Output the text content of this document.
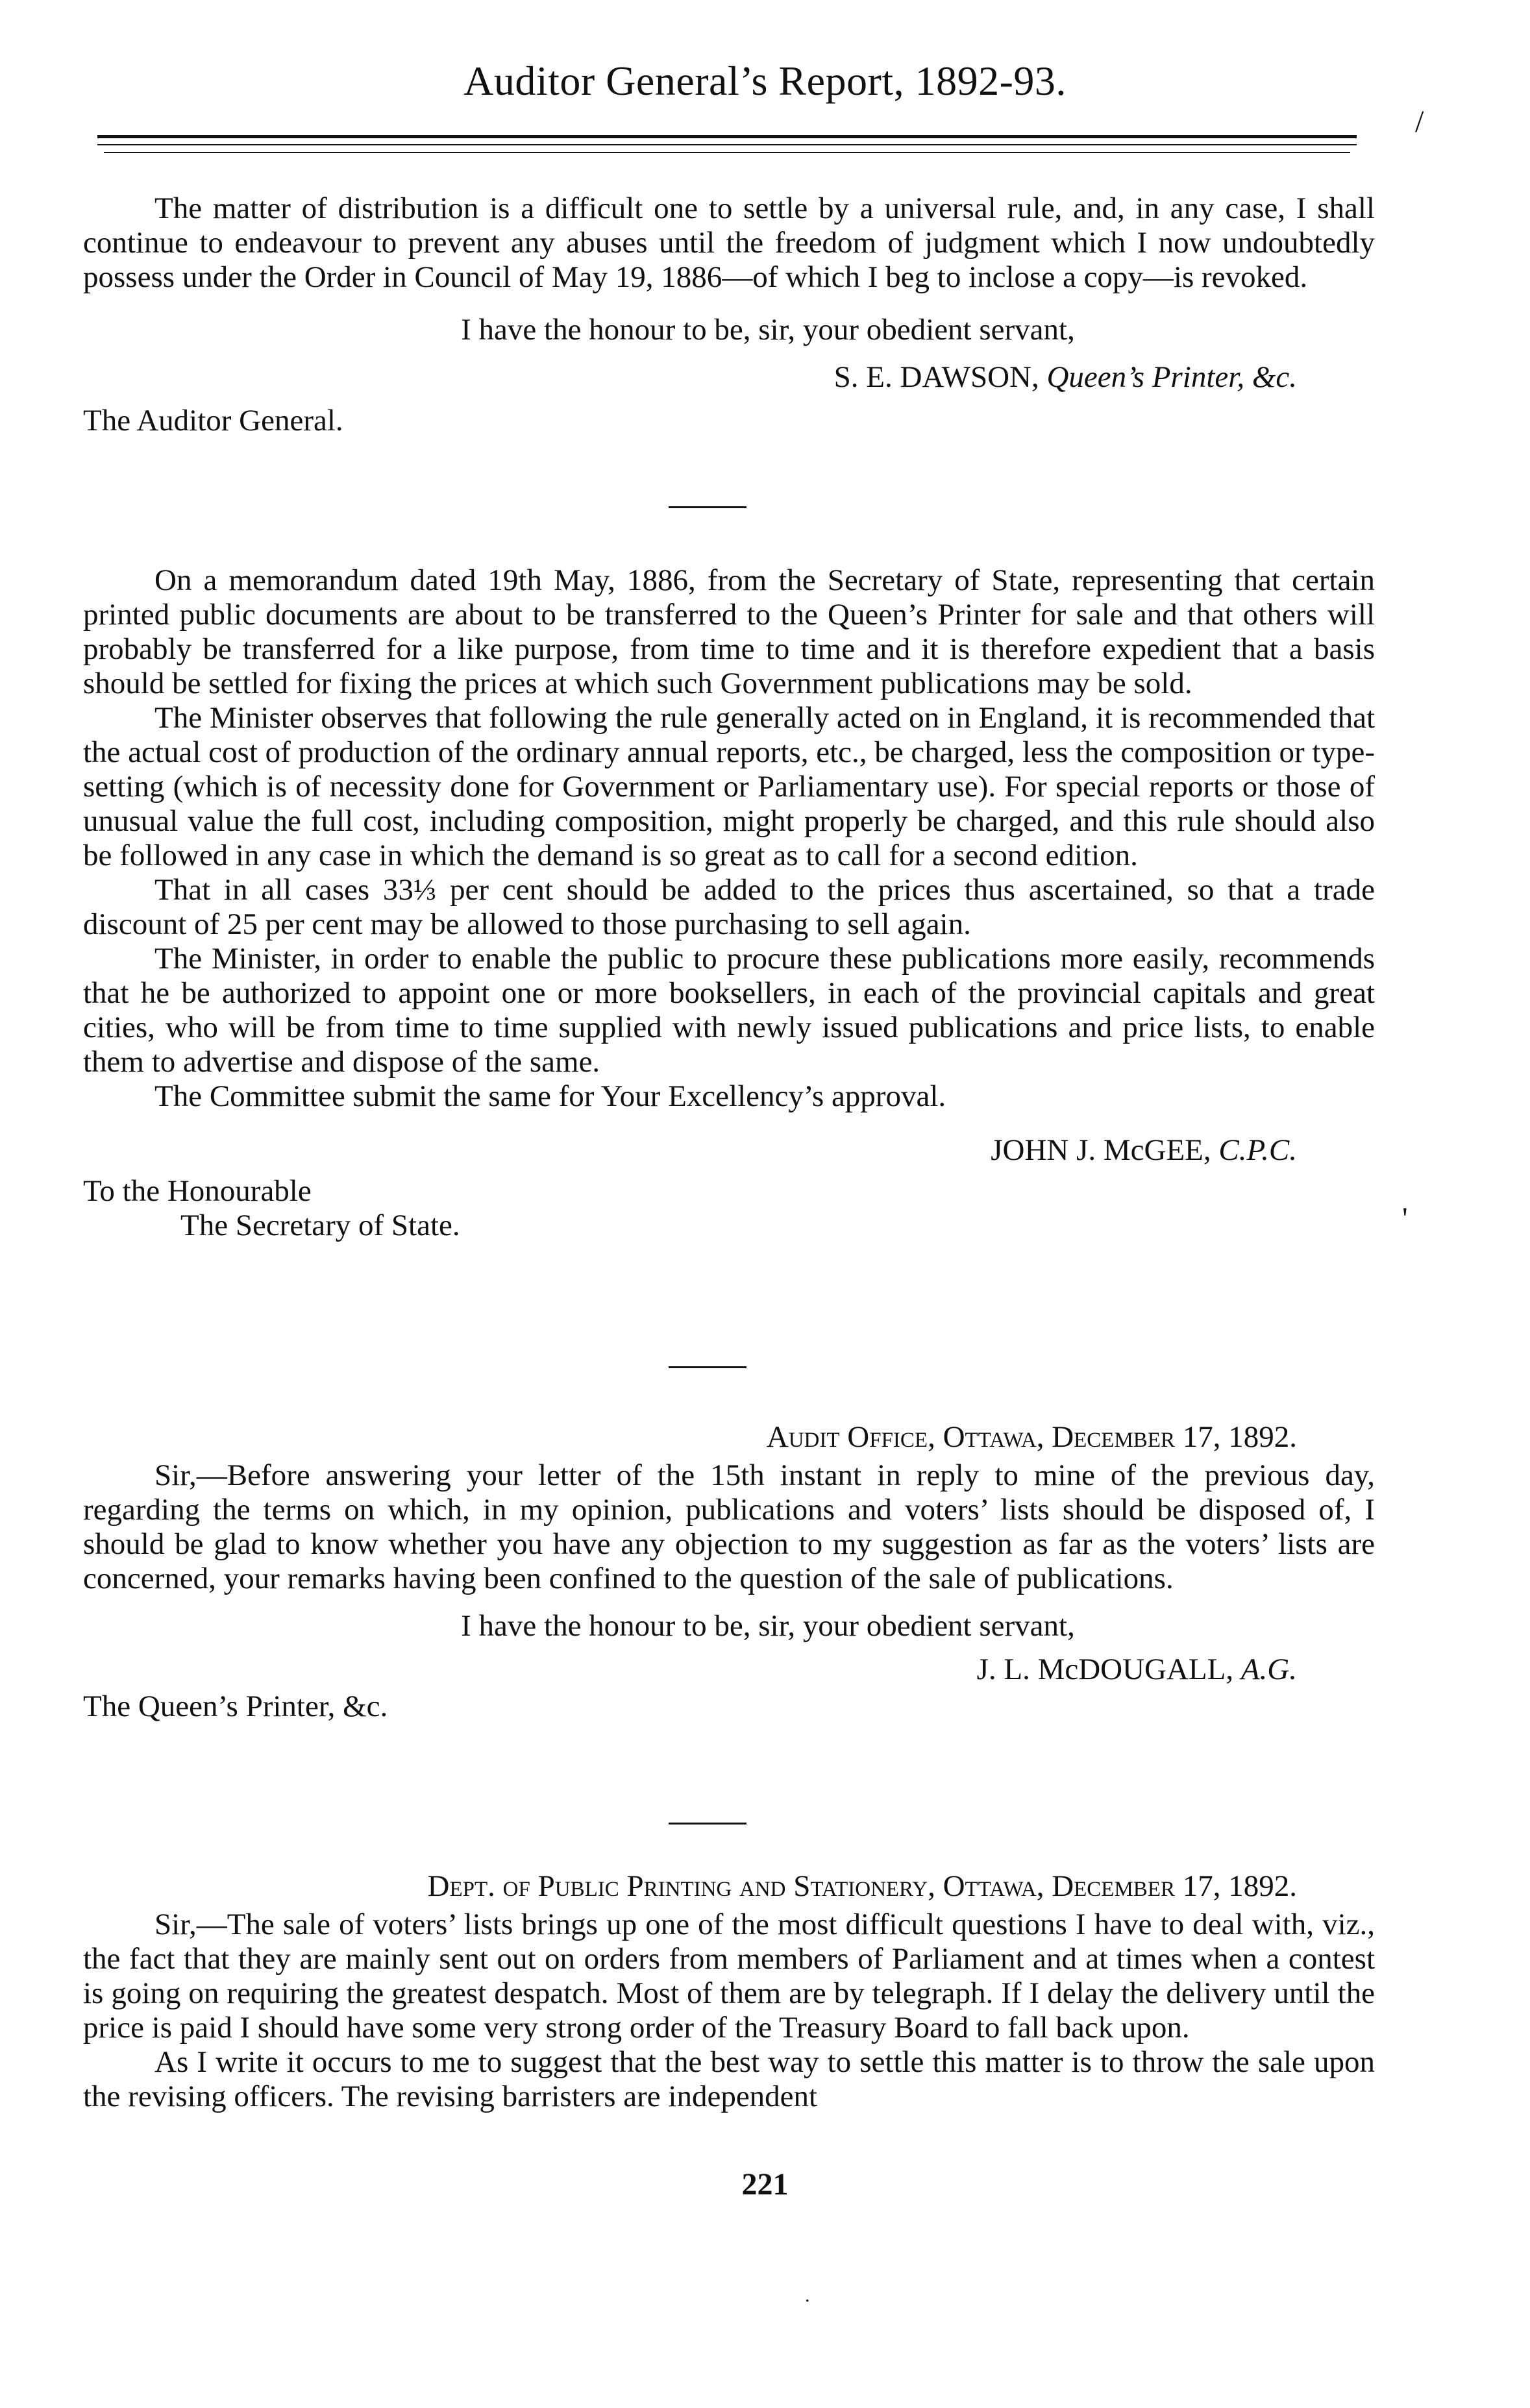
Auditor General’s Report, 1892-93.
/

The matter of distribution is a difficult one to settle by a universal rule, and, in any case, I shall continue to endeavour to prevent any abuses until the freedom of judgment which I now undoubtedly possess under the Order in Council of May 19, 1886—of which I beg to inclose a copy—is revoked.

I have the honour to be, sir, your obedient servant,

S. E. DAWSON, Queen’s Printer, &c.

The Auditor General.

On a memorandum dated 19th May, 1886, from the Secretary of State, representing that certain printed public documents are about to be transferred to the Queen’s Printer for sale and that others will probably be transferred for a like purpose, from time to time and it is therefore expedient that a basis should be settled for fixing the prices at which such Government publications may be sold.

The Minister observes that following the rule generally acted on in England, it is recommended that the actual cost of production of the ordinary annual reports, etc., be charged, less the composition or type-setting (which is of necessity done for Government or Parliamentary use). For special reports or those of unusual value the full cost, including composition, might properly be charged, and this rule should also be followed in any case in which the demand is so great as to call for a second edition.

That in all cases 33⅓ per cent should be added to the prices thus ascertained, so that a trade discount of 25 per cent may be allowed to those purchasing to sell again.

The Minister, in order to enable the public to procure these publications more easily, recommends that he be authorized to appoint one or more booksellers, in each of the provincial capitals and great cities, who will be from time to time supplied with newly issued publications and price lists, to enable them to advertise and dispose of the same.

The Committee submit the same for Your Excellency’s approval.

JOHN J. McGEE, C.P.C.

To the Honourable

The Secretary of State.	'

Audit Office, Ottawa, December 17, 1892.

Sir,—Before answering your letter of the 15th instant in reply to mine of the previous day, regarding the terms on which, in my opinion, publications and voters’ lists should be disposed of, I should be glad to know whether you have any objection to my suggestion as far as the voters’ lists are concerned, your remarks having been confined to the question of the sale of publications.

I have the honour to be, sir, your obedient servant,

J. L. McDOUGALL, A.G.

The Queen’s Printer, &c.

Dept. of Public Printing and Stationery, Ottawa, December 17, 1892.

Sir,—The sale of voters’ lists brings up one of the most difficult questions I have to deal with, viz., the fact that they are mainly sent out on orders from members of Parliament and at times when a contest is going on requiring the greatest despatch. Most of them are by telegraph. If I delay the delivery until the price is paid I should have some very strong order of the Treasury Board to fall back upon.

As I write it occurs to me to suggest that the best way to settle this matter is to throw the sale upon the revising officers. The revising barristers are independent

221
.
